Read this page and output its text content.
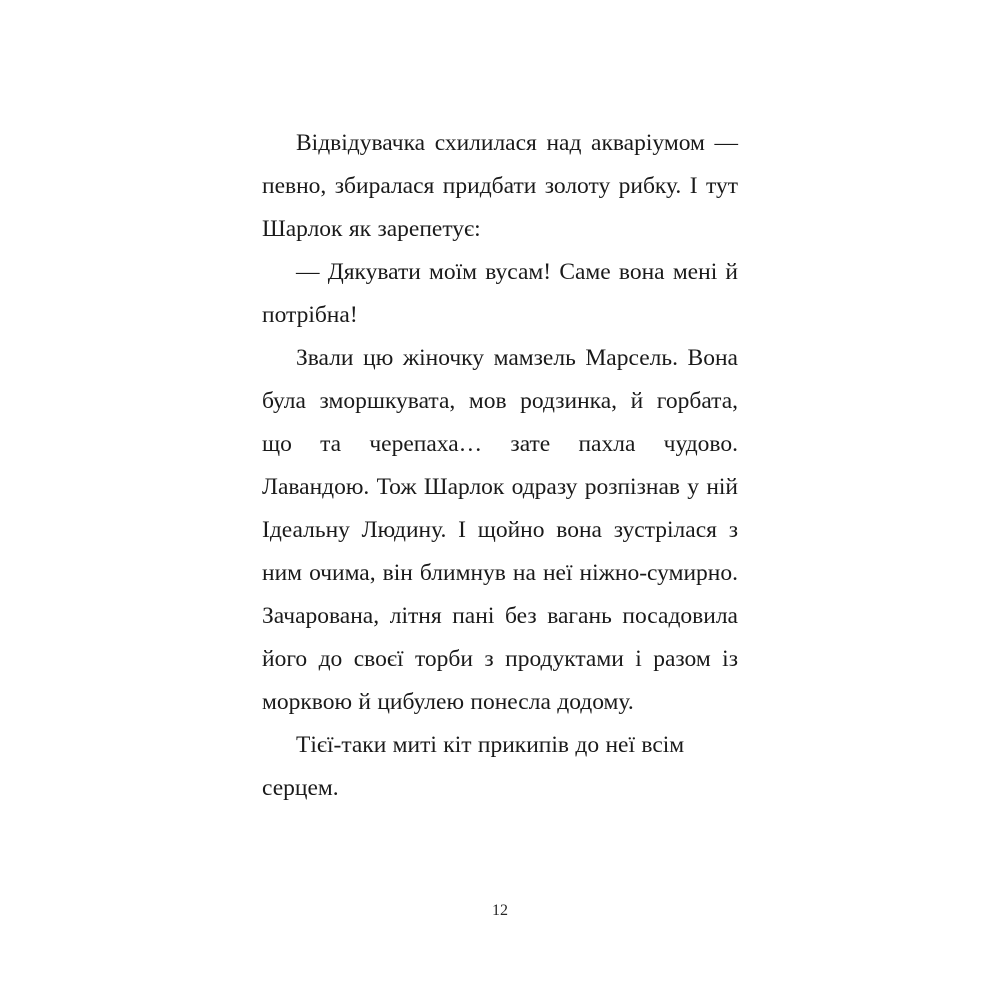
Відвідувачка схилилася над акваріумом — певно, збиралася придбати золоту рибку. І тут Шарлок як зарепетує:

— Дякувати моїм вусам! Саме вона мені й потрібна!

Звали цю жіночку мамзель Марсель. Вона була зморшкувата, мов родзинка, й горбата, що та черепаха… зате пахла чудово. Лавандою. Тож Шарлок одразу розпізнав у ній Ідеальну Людину. І щойно вона зустрілася з ним очима, він блимнув на неї ніжно-сумирно. Зачарована, літня пані без вагань посадовила його до своєї торби з продуктами і разом із морквою й цибулею понесла додому.

Тієї-таки миті кіт прикипів до неї всім серцем.

12
